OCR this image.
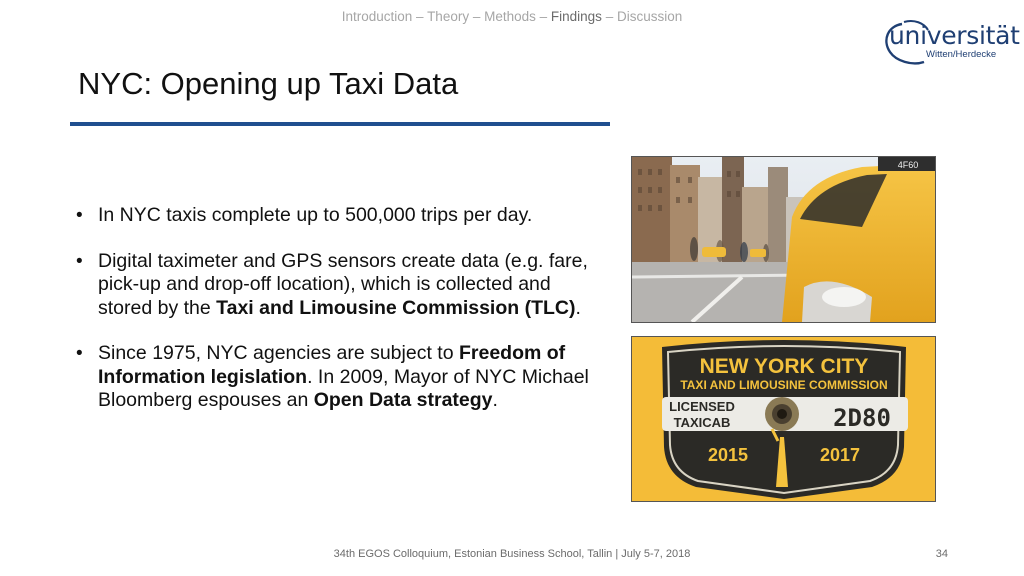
Introduction – Theory – Methods – Findings – Discussion
universität
Witten/Herdecke
NYC: Opening up Taxi Data
• In NYC taxis complete up to 500,000 trips per day.
• Digital taximeter and GPS sensors create data (e.g. fare, pick-up and drop-off location), which is collected and stored by the Taxi and Limousine Commission (TLC).
• Since 1975, NYC agencies are subject to Freedom of Information legislation. In 2009, Mayor of NYC Michael Bloomberg espouses an Open Data strategy.
4F60
NEW YORK CITY
TAXI AND LIMOUSINE COMMISSION
LICENSED
TAXICAB	2D80
2015	2017
34th EGOS Colloquium, Estonian Business School, Tallin | July 5-7, 2018	34
